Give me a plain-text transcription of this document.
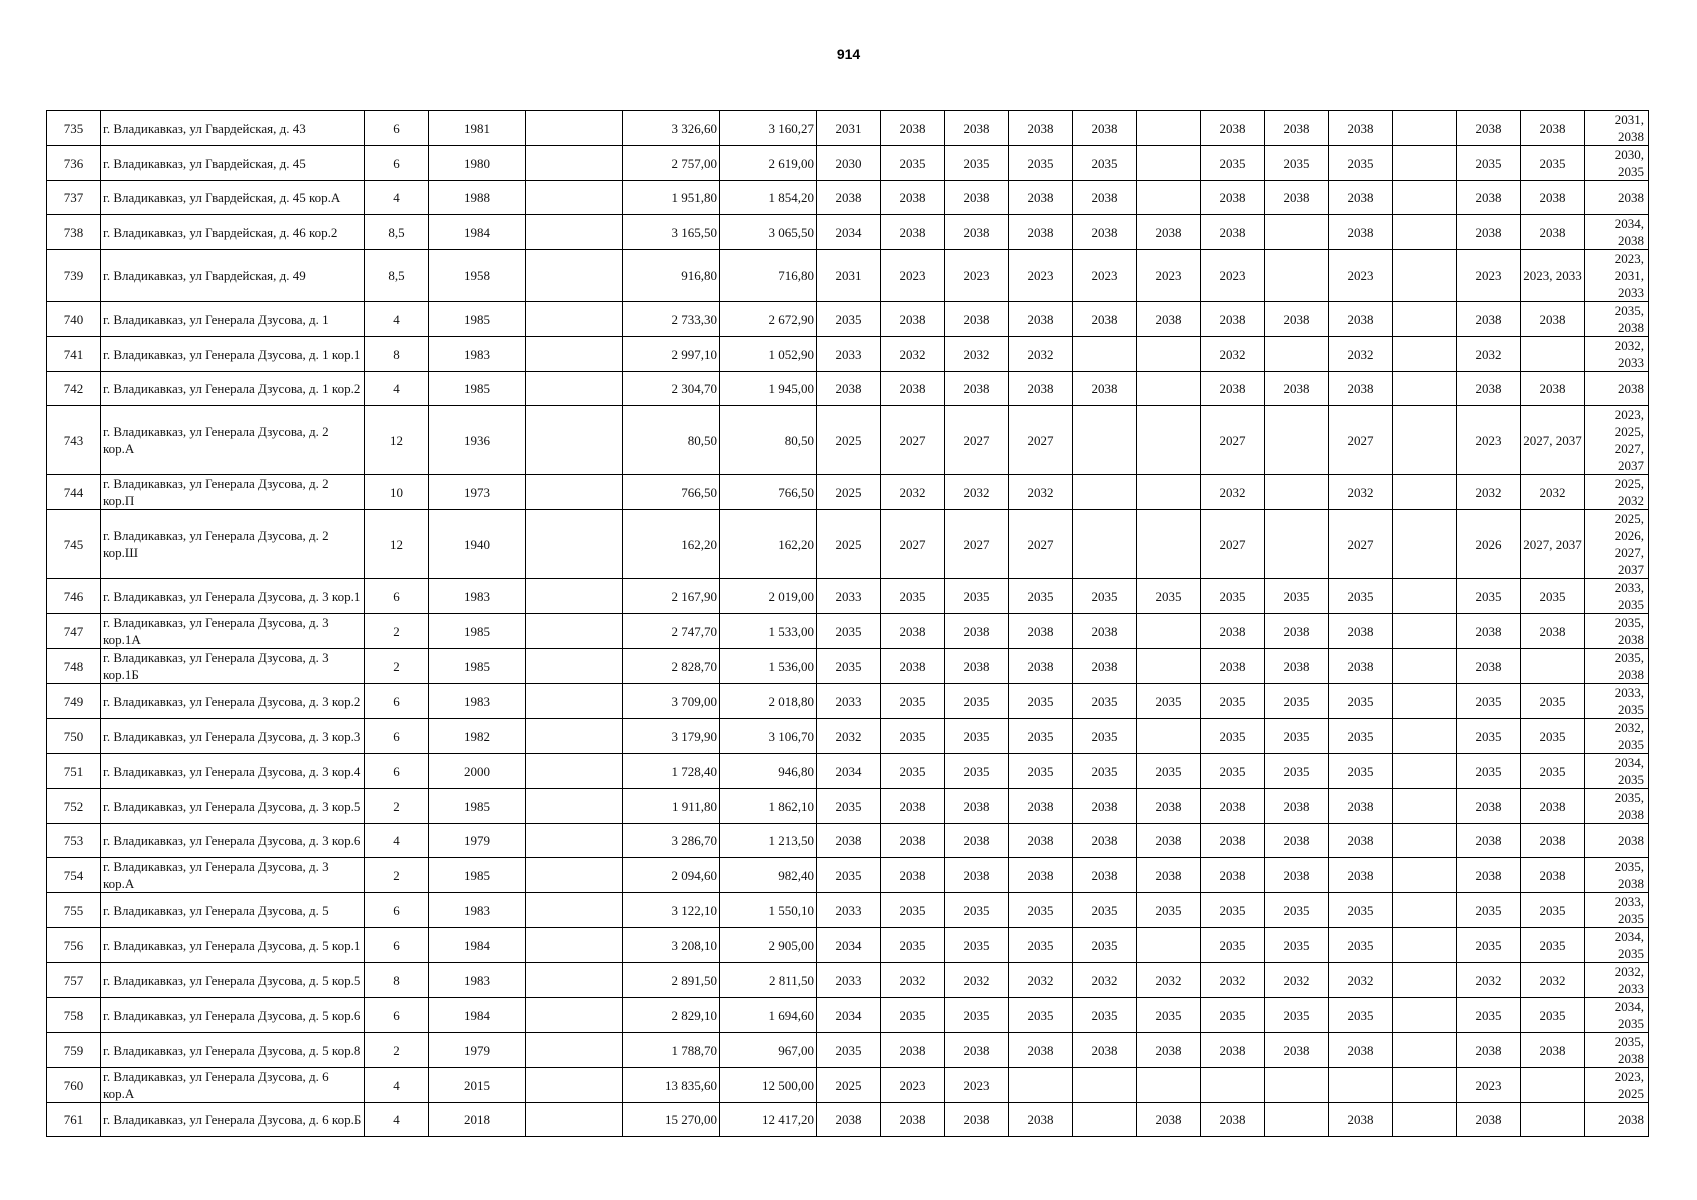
914
735	г. Владикавказ, ул Гвардейская, д. 43	6	1981		3 326,60	3 160,27	2031	2038	2038	2038	2038		2038	2038	2038		2038	2038	2031, 2038
736	г. Владикавказ, ул Гвардейская, д. 45	6	1980		2 757,00	2 619,00	2030	2035	2035	2035	2035		2035	2035	2035		2035	2035	2030, 2035
737	г. Владикавказ, ул Гвардейская, д. 45 кор.А	4	1988		1 951,80	1 854,20	2038	2038	2038	2038	2038		2038	2038	2038		2038	2038	2038
738	г. Владикавказ, ул Гвардейская, д. 46 кор.2	8,5	1984		3 165,50	3 065,50	2034	2038	2038	2038	2038	2038	2038		2038		2038	2038	2034, 2038
739	г. Владикавказ, ул Гвардейская, д. 49	8,5	1958		916,80	716,80	2031	2023	2023	2023	2023	2023	2023		2023		2023	2023, 2033	2023, 2031, 2033
740	г. Владикавказ, ул Генерала Дзусова, д. 1	4	1985		2 733,30	2 672,90	2035	2038	2038	2038	2038	2038	2038	2038	2038		2038	2038	2035, 2038
741	г. Владикавказ, ул Генерала Дзусова, д. 1 кор.1	8	1983		2 997,10	1 052,90	2033	2032	2032	2032			2032		2032		2032		2032, 2033
742	г. Владикавказ, ул Генерала Дзусова, д. 1 кор.2	4	1985		2 304,70	1 945,00	2038	2038	2038	2038	2038		2038	2038	2038		2038	2038	2038
743	г. Владикавказ, ул Генерала Дзусова, д. 2 кор.А	12	1936		80,50	80,50	2025	2027	2027	2027			2027		2027		2023	2027, 2037	2023, 2025, 2027, 2037
744	г. Владикавказ, ул Генерала Дзусова, д. 2 кор.П	10	1973		766,50	766,50	2025	2032	2032	2032			2032		2032		2032	2032	2025, 2032
745	г. Владикавказ, ул Генерала Дзусова, д. 2 кор.Ш	12	1940		162,20	162,20	2025	2027	2027	2027			2027		2027		2026	2027, 2037	2025, 2026, 2027, 2037
746	г. Владикавказ, ул Генерала Дзусова, д. 3 кор.1	6	1983		2 167,90	2 019,00	2033	2035	2035	2035	2035	2035	2035	2035	2035		2035	2035	2033, 2035
747	г. Владикавказ, ул Генерала Дзусова, д. 3 кор.1А	2	1985		2 747,70	1 533,00	2035	2038	2038	2038	2038		2038	2038	2038		2038	2038	2035, 2038
748	г. Владикавказ, ул Генерала Дзусова, д. 3 кор.1Б	2	1985		2 828,70	1 536,00	2035	2038	2038	2038	2038		2038	2038	2038		2038		2035, 2038
749	г. Владикавказ, ул Генерала Дзусова, д. 3 кор.2	6	1983		3 709,00	2 018,80	2033	2035	2035	2035	2035	2035	2035	2035	2035		2035	2035	2033, 2035
750	г. Владикавказ, ул Генерала Дзусова, д. 3 кор.3	6	1982		3 179,90	3 106,70	2032	2035	2035	2035	2035		2035	2035	2035		2035	2035	2032, 2035
751	г. Владикавказ, ул Генерала Дзусова, д. 3 кор.4	6	2000		1 728,40	946,80	2034	2035	2035	2035	2035	2035	2035	2035	2035		2035	2035	2034, 2035
752	г. Владикавказ, ул Генерала Дзусова, д. 3 кор.5	2	1985		1 911,80	1 862,10	2035	2038	2038	2038	2038	2038	2038	2038	2038		2038	2038	2035, 2038
753	г. Владикавказ, ул Генерала Дзусова, д. 3 кор.6	4	1979		3 286,70	1 213,50	2038	2038	2038	2038	2038	2038	2038	2038	2038		2038	2038	2038
754	г. Владикавказ, ул Генерала Дзусова, д. 3 кор.А	2	1985		2 094,60	982,40	2035	2038	2038	2038	2038	2038	2038	2038	2038		2038	2038	2035, 2038
755	г. Владикавказ, ул Генерала Дзусова, д. 5	6	1983		3 122,10	1 550,10	2033	2035	2035	2035	2035	2035	2035	2035	2035		2035	2035	2033, 2035
756	г. Владикавказ, ул Генерала Дзусова, д. 5 кор.1	6	1984		3 208,10	2 905,00	2034	2035	2035	2035	2035		2035	2035	2035		2035	2035	2034, 2035
757	г. Владикавказ, ул Генерала Дзусова, д. 5 кор.5	8	1983		2 891,50	2 811,50	2033	2032	2032	2032	2032	2032	2032	2032	2032		2032	2032	2032, 2033
758	г. Владикавказ, ул Генерала Дзусова, д. 5 кор.6	6	1984		2 829,10	1 694,60	2034	2035	2035	2035	2035	2035	2035	2035	2035		2035	2035	2034, 2035
759	г. Владикавказ, ул Генерала Дзусова, д. 5 кор.8	2	1979		1 788,70	967,00	2035	2038	2038	2038	2038	2038	2038	2038	2038		2038	2038	2035, 2038
760	г. Владикавказ, ул Генерала Дзусова, д. 6 кор.А	4	2015		13 835,60	12 500,00	2025	2023	2023								2023		2023, 2025
761	г. Владикавказ, ул Генерала Дзусова, д. 6 кор.Б	4	2018		15 270,00	12 417,20	2038	2038	2038	2038		2038	2038		2038		2038		2038
